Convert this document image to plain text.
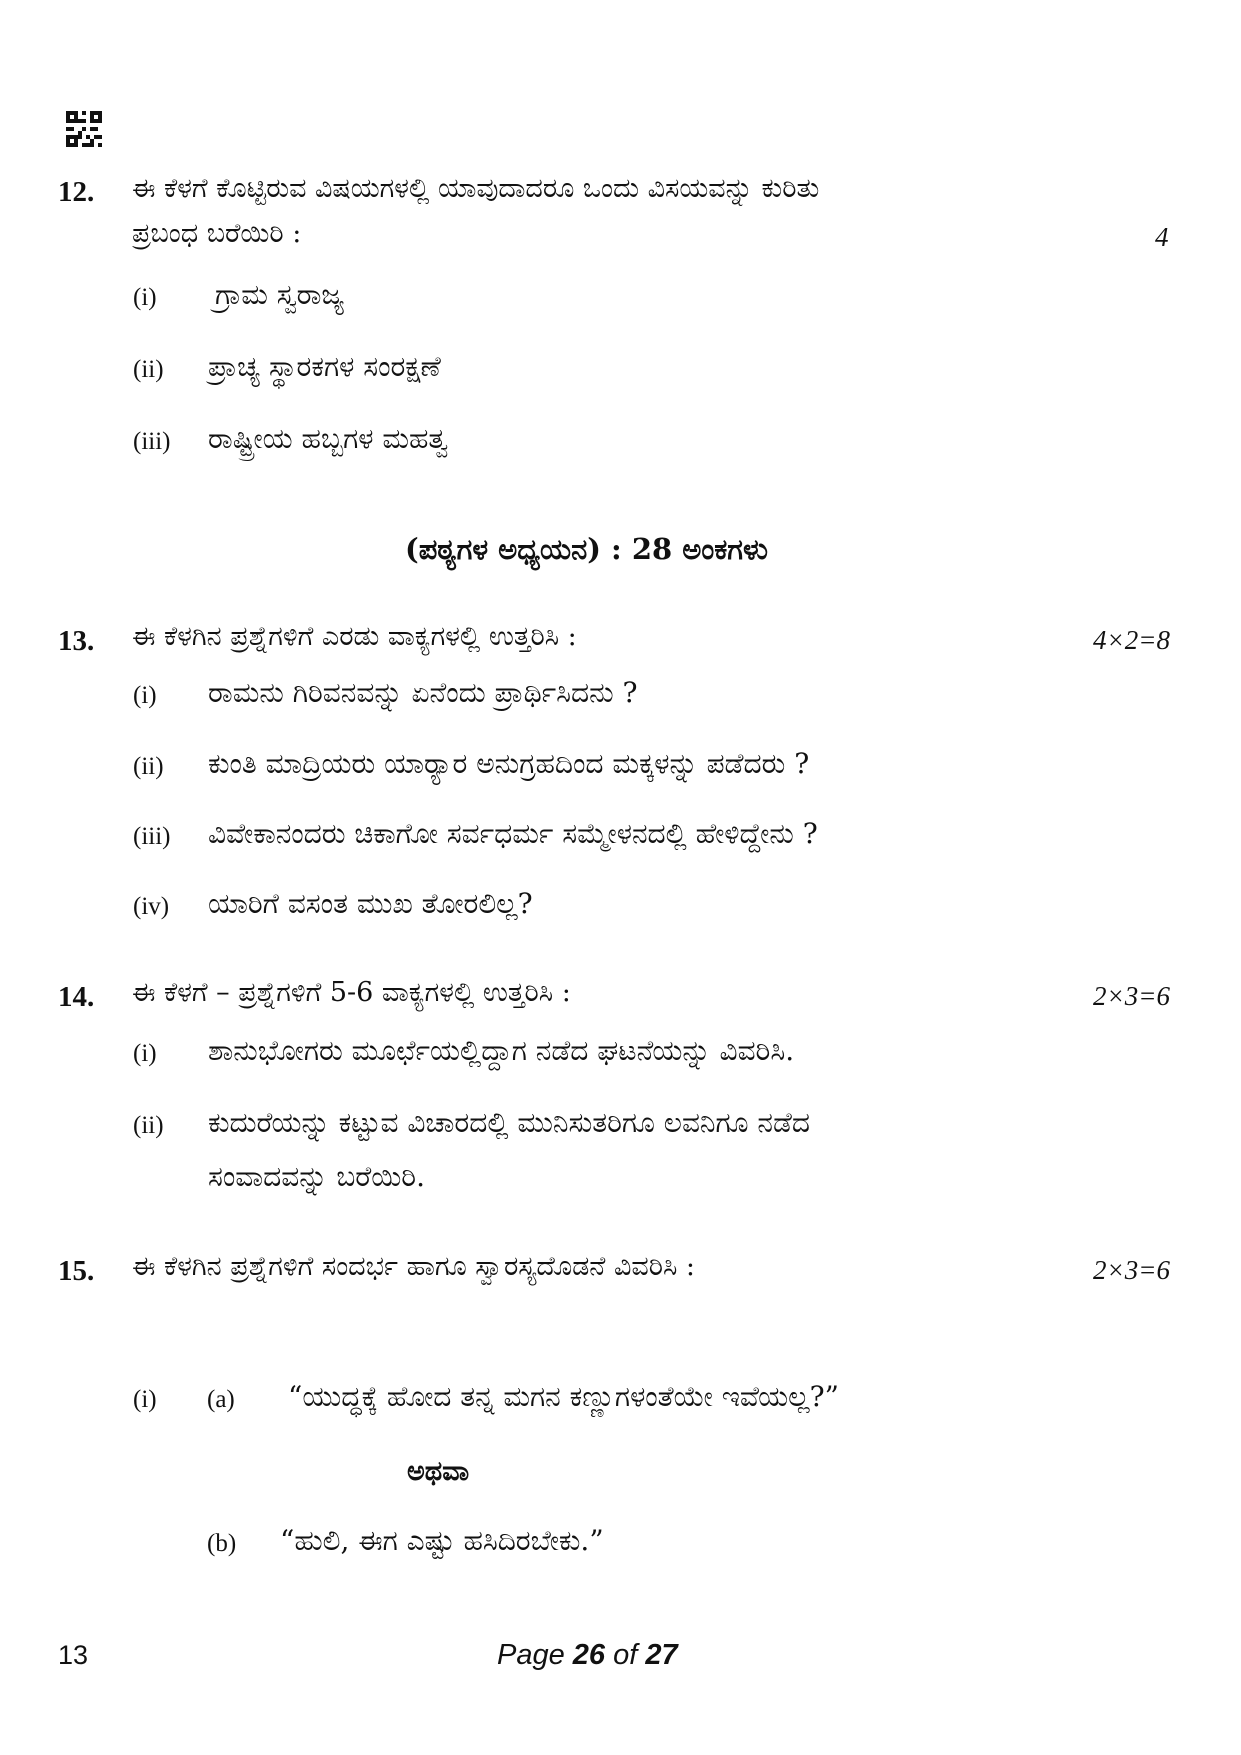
12. ಈ ಕೆಳಗೆ ಕೊಟ್ಟಿರುವ ವಿಷಯಗಳಲ್ಲಿ ಯಾವುದಾದರೂ ಒಂದು ವಿಸಯವನ್ನು ಕುರಿತು
ಪ್ರಬಂಧ ಬರೆಯಿರಿ :	4
(i) ಗ್ರಾಮ ಸ್ವರಾಜ್ಯ
(ii) ಪ್ರಾಚ್ಯ ಸ್ಥಾರಕಗಳ ಸಂರಕ್ಷಣೆ
(iii) ರಾಷ್ಟ್ರೀಯ ಹಬ್ಬಗಳ ಮಹತ್ವ
(ಪಠ್ಯಗಳ ಅಧ್ಯಯನ) : 28 ಅಂಕಗಳು
13. ಈ ಕೆಳಗಿನ ಪ್ರಶ್ನೆಗಳಿಗೆ ಎರಡು ವಾಕ್ಯಗಳಲ್ಲಿ ಉತ್ತರಿಸಿ :	4×2=8
(i) ರಾಮನು ಗಿರಿವನವನ್ನು ಏನೆಂದು ಪ್ರಾರ್ಥಿಸಿದನು ?
(ii) ಕುಂತಿ ಮಾದ್ರಿಯರು ಯಾರ‍್ಯಾರ ಅನುಗ್ರಹದಿಂದ ಮಕ್ಕಳನ್ನು ಪಡೆದರು ?
(iii) ವಿವೇಕಾನಂದರು ಚಿಕಾಗೋ ಸರ್ವಧರ್ಮ ಸಮ್ಮೇಳನದಲ್ಲಿ ಹೇಳಿದ್ದೇನು ?
(iv) ಯಾರಿಗೆ ವಸಂತ ಮುಖ ತೋರಲಿಲ್ಲ?
14. ಈ ಕೆಳಗೆ – ಪ್ರಶ್ನೆಗಳಿಗೆ 5-6 ವಾಕ್ಯಗಳಲ್ಲಿ ಉತ್ತರಿಸಿ :	2×3=6
(i) ಶಾನುಭೋಗರು ಮೂರ್ಛೆಯಲ್ಲಿದ್ದಾಗ ನಡೆದ ಘಟನೆಯನ್ನು ವಿವರಿಸಿ.
(ii) ಕುದುರೆಯನ್ನು ಕಟ್ಟುವ ವಿಚಾರದಲ್ಲಿ ಮುನಿಸುತರಿಗೂ ಲವನಿಗೂ ನಡೆದ
ಸಂವಾದವನ್ನು ಬರೆಯಿರಿ.
15. ಈ ಕೆಳಗಿನ ಪ್ರಶ್ನೆಗಳಿಗೆ ಸಂದರ್ಭ ಹಾಗೂ ಸ್ವಾರಸ್ಯದೊಡನೆ ವಿವರಿಸಿ :	2×3=6
(i) (a) “ಯುದ್ಧಕ್ಕೆ ಹೋದ ತನ್ನ ಮಗನ ಕಣ್ಣುಗಳಂತೆಯೇ ಇವೆಯಲ್ಲ?”
ಅಥವಾ
(b) “ಹುಲಿ, ಈಗ ಎಷ್ಟು ಹಸಿದಿರಬೇಕು.”
13	Page 26 of 27
